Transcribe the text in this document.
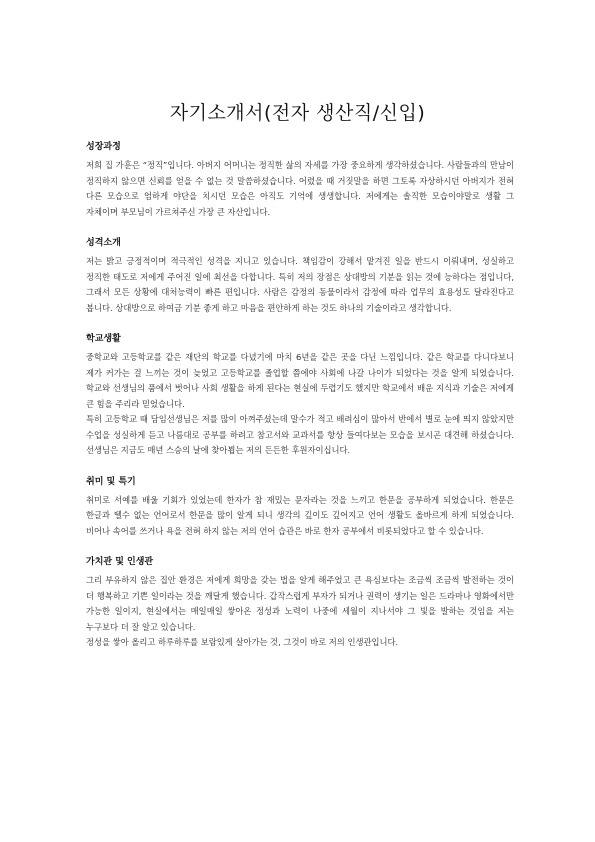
자기소개서(전자 생산직/신입)
성장과정

저희 집 가훈은 “정직”입니다. 아버지 어머니는 정직한 삶의 자세를 가장 중요하게 생각하셨습니다. 사람들과의 만남이 정직하지 않으면 신뢰를 얻을 수 없는 것 말씀하셨습니다. 어렸을 때 거짓말을 하면 그토록 자상하시던 아버지가 전혀 다른 모습으로 엄하게 야단을 치시던 모습은 아직도 기억에 생생합니다. 저에게는 솔직한 모습이야말로 생활 그 자체이며 부모님이 가르쳐주신 가장 큰 자산입니다.

성격소개

저는 밝고 긍정적이며 적극적인 성격을 지니고 있습니다. 책임감이 강해서 맡겨진 일을 반드시 이뤄내며, 성실하고 정직한 태도로 저에게 주어진 일에 최선을 다합니다. 특히 저의 장점은 상대방의 기분을 읽는 것에 능하다는 점입니다, 그래서 모든 상황에 대처능력이 빠른 편입니다. 사람은 감정의 동물이라서 감정에 따라 업무의 효용성도 달라진다고 봅니다. 상대방으로 하여금 기분 좋게 하고 마음을 편안하게 하는 것도 하나의 기술이라고 생각합니다.

학교생활

중학교와 고등학교를 같은 재단의 학교를 다녔기에 마치 6년을 같은 곳을 다닌 느낌입니다. 같은 학교를 다니다보니 제가 커가는 걸 느끼는 것이 늦었고 고등학교를 졸업할 쯤에야 사회에 나갈 나이가 되었다는 것을 알게 되었습니다. 학교와 선생님의 품에서 벗어나 사회 생활을 하게 된다는 현실에 두렵기도 했지만 학교에서 배운 지식과 기술은 저에게 큰 힘을 주리라 믿었습니다.

특히 고등학교 때 담임선생님은 저를 많이 아껴주셨는데 말수가 적고 배려심이 많아서 반에서 별로 눈에 띄지 않았지만 수업을 성실하게 듣고 나름대로 공부를 하려고 참고서와 교과서를 항상 들여다보는 모습을 보시곤 대견해 하셨습니다. 선생님은 지금도 매년 스승의 날에 찾아뵙는 저의 든든한 후원자이십니다.

취미 및 특기

취미로 서예를 배울 기회가 있었는데 한자가 참 재밌는 문자라는 것을 느끼고 한문을 공부하게 되었습니다. 한문은 한글과 뗄수 없는 언어로서 한문을 많이 알게 되니 생각의 깊이도 깊어지고 언어 생활도 올바르게 하게 되었습니다. 비어나 속어를 쓰거나 욕을 전혀 하지 않는 저의 언어 습관은 바로 한자 공부에서 비롯되었다고 할 수 있습니다.

가치관 및 인생관

그리 부유하지 않은 집안 환경은 저에게 희망을 갖는 법을 알게 해주었고 큰 욕심보다는 조금씩 조금씩 발전하는 것이 더 행복하고 기쁜 일이라는 것을 깨달게 했습니다. 갑작스럽게 부자가 되거나 권력이 생기는 일은 드라마나 영화에서만 가능한 일이지, 현실에서는 매일매일 쌓아온 정성과 노력이 나중에 세월이 지나서야 그 빛을 발하는 것임을 저는 누구보다 더 잘 알고 있습니다.

정성을 쌓아 올리고 하루하루를 보람있게 살아가는 것, 그것이 바로 저의 인생관입니다.
